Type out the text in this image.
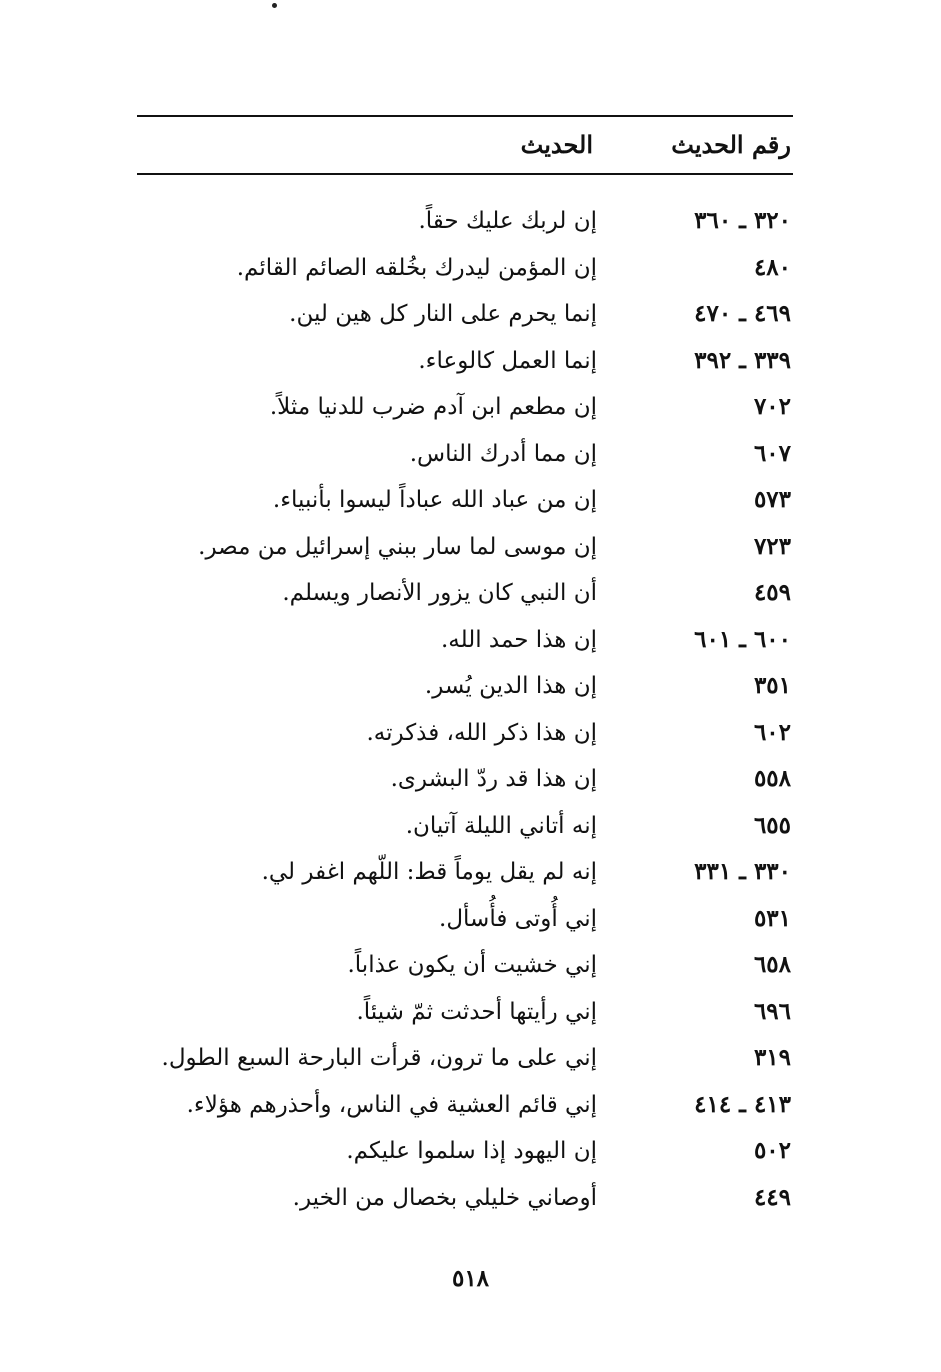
رقم الحديث
الحديث
٣٢٠ ـ ٣٦٠
إن لربك عليك حقاً.
٤٨٠
إن المؤمن ليدرك بخُلقه الصائم القائم.
٤٦٩ ـ ٤٧٠
إنما يحرم على النار كل هين لين.
٣٣٩ ـ ٣٩٢
إنما العمل كالوعاء.
٧٠٢
إن مطعم ابن آدم ضرب للدنيا مثلاً.
٦٠٧
إن مما أدرك الناس.
٥٧٣
إن من عباد الله عباداً ليسوا بأنبياء.
٧٢٣
إن موسى لما سار ببني إسرائيل من مصر.
٤٥٩
أن النبي كان يزور الأنصار ويسلم.
٦٠٠ ـ ٦٠١
إن هذا حمد الله.
٣٥١
إن هذا الدين يُسر.
٦٠٢
إن هذا ذكر الله، فذكرته.
٥٥٨
إن هذا قد ردّ البشرى.
٦٥٥
إنه أتاني الليلة آتيان.
٣٣٠ ـ ٣٣١
إنه لم يقل يوماً قط: اللّهم اغفر لي.
٥٣١
إني أُوتى فأُسأل.
٦٥٨
إني خشيت أن يكون عذاباً.
٦٩٦
إني رأيتها أحدثت ثمّ شيئاً.
٣١٩
إني على ما ترون، قرأت البارحة السبع الطول.
٤١٣ ـ ٤١٤
إني قائم العشية في الناس، وأحذرهم هؤلاء.
٥٠٢
إن اليهود إذا سلموا عليكم.
٤٤٩
أوصاني خليلي بخصال من الخير.
٥١٨
